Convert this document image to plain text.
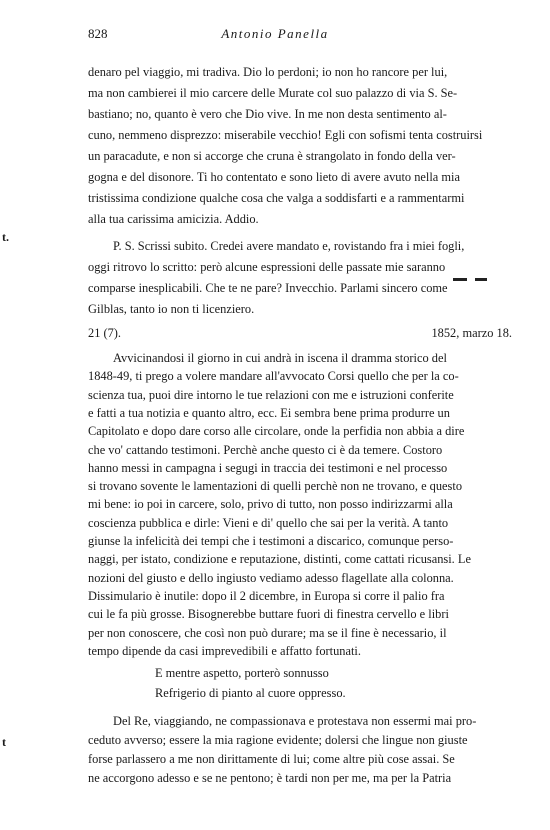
828	Antonio Panella
denaro pel viaggio, mi tradiva. Dio lo perdoni; io non ho rancore per lui,
ma non cambierei il mio carcere delle Murate col suo palazzo di via S. Se-
bastiano; no, quanto è vero che Dio vive. In me non desta sentimento al-
cuno, nemmeno disprezzo: miserabile vecchio! Egli con sofismi tenta costruirsi
un paracadute, e non si accorge che cruna è strangolato in fondo della ver-
gogna e del disonore. Ti ho contentato e sono lieto di avere avuto nella mia
tristissima condizione qualche cosa che valga a soddisfarti e a rammentarmi
alla tua carissima amicizia. Addio.
t.
P. S. Scrissi subito. Credei avere mandato e, rovistando fra i miei fogli,
oggi ritrovo lo scritto: però alcune espressioni delle passate mie saranno
comparse inesplicabili. Che te ne pare? Invecchio. Parlami sincero come
Gilblas, tanto io non ti licenziero.
21 (7).	1852, marzo 18.
Avvicinandosi il giorno in cui andrà in iscena il dramma storico del
1848-49, ti prego a volere mandare all'avvocato Corsi quello che per la co-
scienza tua, puoi dire intorno le tue relazioni con me e istruzioni conferite
e fatti a tua notizia e quanto altro, ecc. Ei sembra bene prima produrre un
Capitolato e dopo dare corso alle circolare, onde la perfidia non abbia a dire
che vo' cattando testimoni. Perchè anche questo ci è da temere. Costoro
hanno messi in campagna i segugi in traccia dei testimoni e nel processo
si trovano sovente le lamentazioni di quelli perchè non ne trovano, e questo
mi bene: io poi in carcere, solo, privo di tutto, non posso indirizzarmi alla
coscienza pubblica e dirle: Vieni e di' quello che sai per la verità. A tanto
giunse la infelicità dei tempi che i testimoni a discarico, comunque perso-
naggi, per istato, condizione e reputazione, distinti, come cattati ricusansi. Le
nozioni del giusto e dello ingiusto vediamo adesso flagellate alla colonna.
Dissimulario è inutile: dopo il 2 dicembre, in Europa si corre il palio fra
cui le fa più grosse. Bisognerebbe buttare fuori di finestra cervello e libri
per non conoscere, che così non può durare; ma se il fine è necessario, il
tempo dipende da casi imprevedibili e affatto fortunati.
E mentre aspetto, porterò sonnusso
Refrigerio di pianto al cuore oppresso.
t
Del Re, viaggiando, ne compassionava e protestava non essermi mai pro-
ceduto avverso; essere la mia ragione evidente; dolersi che lingue non giuste
forse parlassero a me non dirittamente di lui; come altre più cose assai. Se
ne accorgono adesso e se ne pentono; è tardi non per me, ma per la Patria
